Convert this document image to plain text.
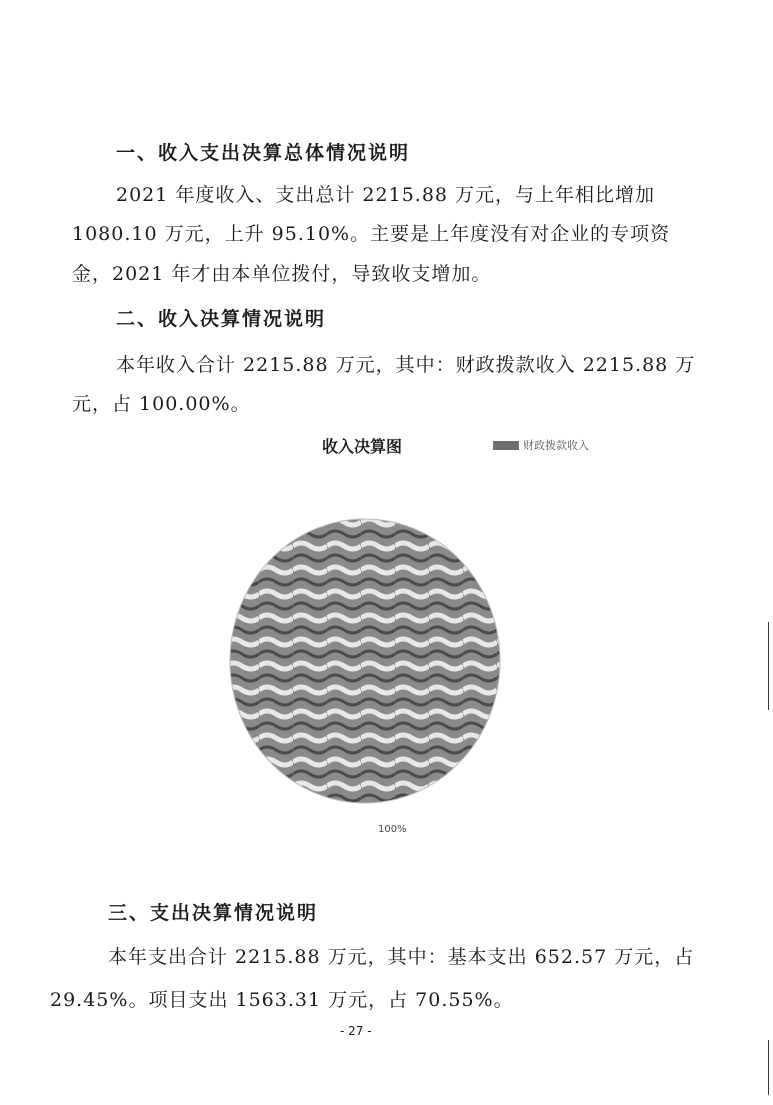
一、收入支出决算总体情况说明

2021 年度收入、支出总计 2215.88 万元，与上年相比增加

1080.10 万元，上升 95.10%。主要是上年度没有对企业的专项资

金，2021 年才由本单位拨付，导致收支增加。

二、收入决算情况说明

本年收入合计 2215.88 万元，其中：财政拨款收入 2215.88 万

元，占 100.00%。

收入决算图	财政拨款收入
100%
三、支出决算情况说明

本年支出合计 2215.88 万元，其中：基本支出 652.57 万元，占

29.45%。项目支出 1563.31 万元，占 70.55%。

- 27 -
